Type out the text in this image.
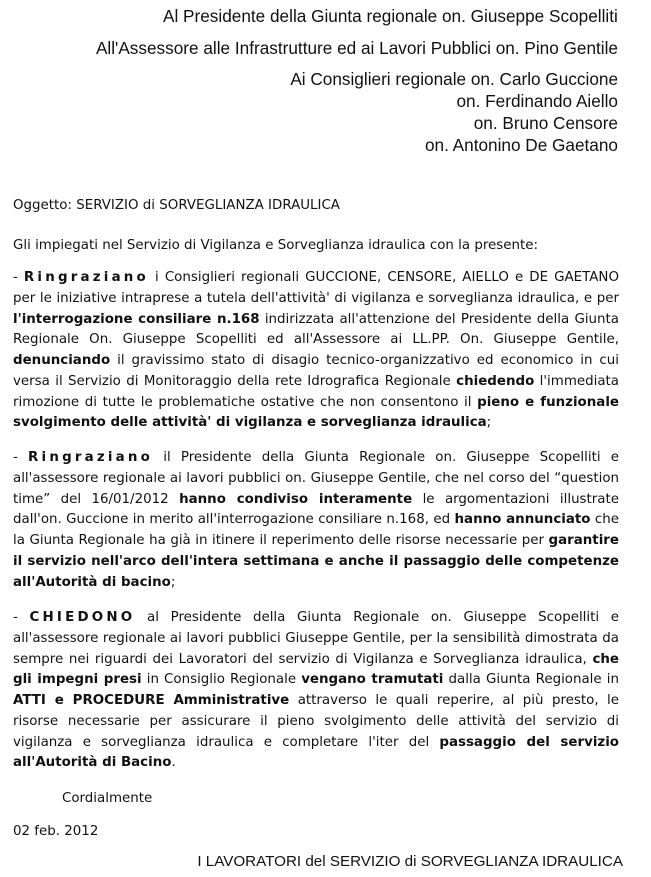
Al Presidente della Giunta regionale on. Giuseppe Scopelliti
All'Assessore alle Infrastrutture ed ai Lavori Pubblici on. Pino Gentile
Ai Consiglieri regionale on. Carlo Guccione
on. Ferdinando Aiello
on. Bruno Censore
on. Antonino De Gaetano
Oggetto: SERVIZIO di SORVEGLIANZA IDRAULICA
Gli impiegati nel Servizio di Vigilanza e Sorveglianza idraulica con la presente:

- Ringraziano i Consiglieri regionali GUCCIONE, CENSORE, AIELLO e DE GAETANO per le iniziative intraprese a tutela dell'attività' di vigilanza e sorveglianza idraulica, e per l'interrogazione consiliare n.168 indirizzata all'attenzione del Presidente della Giunta Regionale On. Giuseppe Scopelliti ed all'Assessore ai LL.PP. On. Giuseppe Gentile, denunciando il gravissimo stato di disagio tecnico-organizzativo ed economico in cui versa il Servizio di Monitoraggio della rete Idrografica Regionale chiedendo l'immediata rimozione di tutte le problematiche ostative che non consentono il pieno e funzionale svolgimento delle attività' di vigilanza e sorveglianza idraulica;

- Ringraziano il Presidente della Giunta Regionale on. Giuseppe Scopelliti e all'assessore regionale ai lavori pubblici on. Giuseppe Gentile, che nel corso del “question time” del 16/01/2012 hanno condiviso interamente le argomentazioni illustrate dall'on. Guccione in merito all'interrogazione consiliare n.168, ed hanno annunciato che la Giunta Regionale ha già in itinere il reperimento delle risorse necessarie per garantire il servizio nell'arco dell'intera settimana e anche il passaggio delle competenze all'Autorità di bacino;

- CHIEDONO al Presidente della Giunta Regionale on. Giuseppe Scopelliti e all'assessore regionale ai lavori pubblici Giuseppe Gentile, per la sensibilità dimostrata da sempre nei riguardi dei Lavoratori del servizio di Vigilanza e Sorveglianza idraulica, che gli impegni presi in Consiglio Regionale vengano tramutati dalla Giunta Regionale in ATTI e PROCEDURE Amministrative attraverso le quali reperire, al più presto, le risorse necessarie per assicurare il pieno svolgimento delle attività del servizio di vigilanza e sorveglianza idraulica e completare l'iter del passaggio del servizio all'Autorità di Bacino.

Cordialmente
02 feb. 2012
I LAVORATORI del SERVIZIO di SORVEGLIANZA IDRAULICA
